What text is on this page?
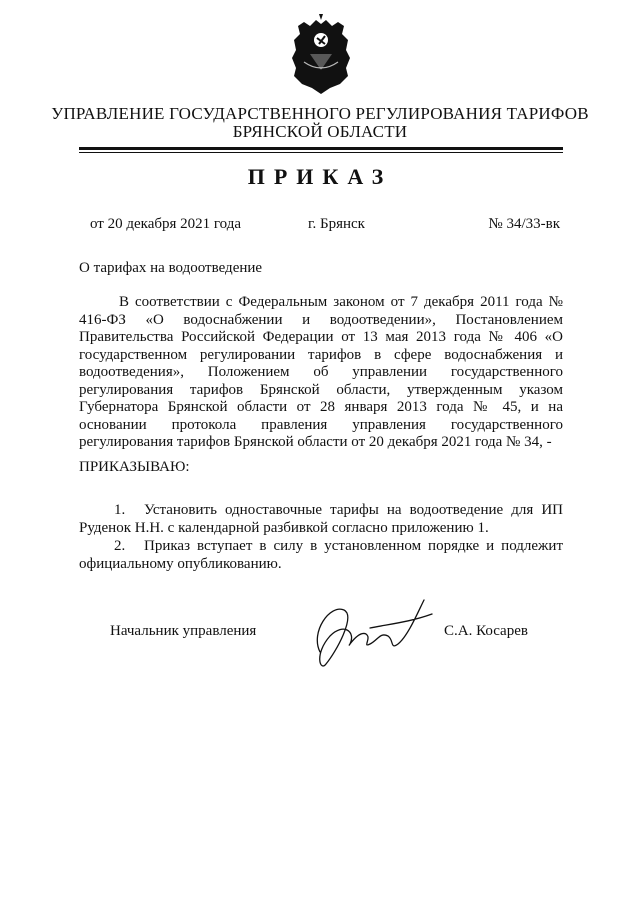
УПРАВЛЕНИЕ ГОСУДАРСТВЕННОГО РЕГУЛИРОВАНИЯ ТАРИФОВ
БРЯНСКОЙ ОБЛАСТИ
ПРИКАЗ
от 20 декабря 2021 года	г. Брянск	№ 34/33-вк
О тарифах на водоотведение

В соответствии с Федеральным законом от 7 декабря 2011 года № 416-ФЗ «О водоснабжении и водоотведении», Постановлением Правительства Российской Федерации от 13 мая 2013 года № 406 «О государственном регулировании тарифов в сфере водоснабжения и водоотведения», Положением об управлении государственного регулирования тарифов Брянской области, утвержденным указом Губернатора Брянской области от 28 января 2013 года № 45, и на основании протокола правления управления государственного регулирования тарифов Брянской области от 20 декабря 2021 года № 34, -

ПРИКАЗЫВАЮ:

1. Установить одноставочные тарифы на водоотведение для ИП Руденок Н.Н. с календарной разбивкой согласно приложению 1.

2. Приказ вступает в силу в установленном порядке и подлежит официальному опубликованию.

Начальник управления	С.А. Косарев
